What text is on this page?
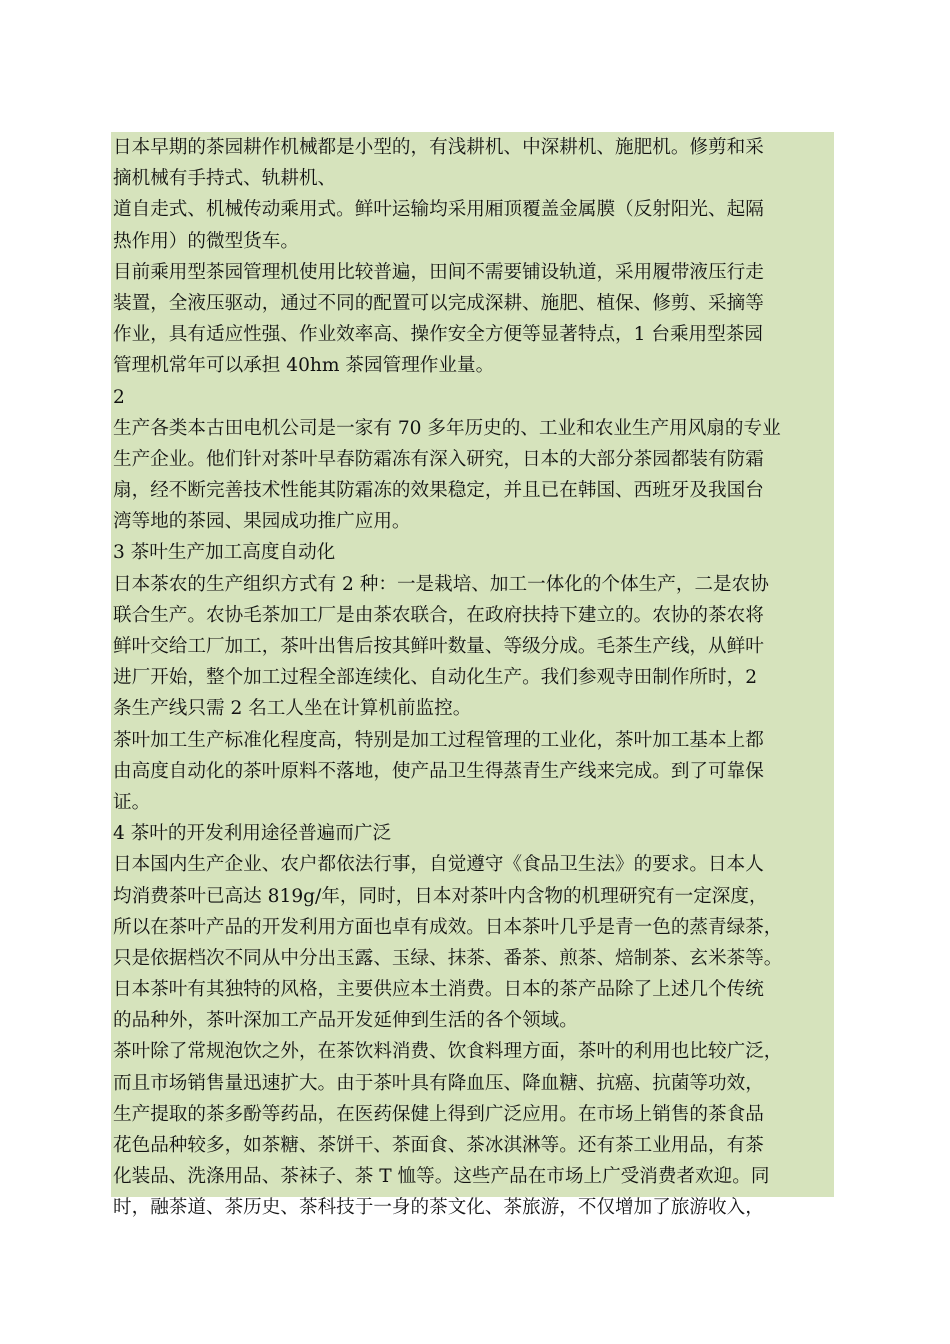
日本早期的茶园耕作机械都是小型的，有浅耕机、中深耕机、施肥机。修剪和采
摘机械有手持式、轨耕机、
道自走式、机械传动乘用式。鲜叶运输均采用厢顶覆盖金属膜（反射阳光、起隔
热作用）的微型货车。
目前乘用型茶园管理机使用比较普遍，田间不需要铺设轨道，采用履带液压行走
装置，全液压驱动，通过不同的配置可以完成深耕、施肥、植保、修剪、采摘等
作业，具有适应性强、作业效率高、操作安全方便等显著特点，1 台乘用型茶园
管理机常年可以承担 40hm 茶园管理作业量。
2
生产各类本古田电机公司是一家有 70 多年历史的、工业和农业生产用风扇的专业
生产企业。他们针对茶叶早春防霜冻有深入研究，日本的大部分茶园都装有防霜
扇，经不断完善技术性能其防霜冻的效果稳定，并且已在韩国、西班牙及我国台
湾等地的茶园、果园成功推广应用。
3 茶叶生产加工高度自动化
日本茶农的生产组织方式有 2 种：一是栽培、加工一体化的个体生产，二是农协
联合生产。农协毛茶加工厂是由茶农联合，在政府扶持下建立的。农协的茶农将
鲜叶交给工厂加工，茶叶出售后按其鲜叶数量、等级分成。毛茶生产线，从鲜叶
进厂开始，整个加工过程全部连续化、自动化生产。我们参观寺田制作所时，2
条生产线只需 2 名工人坐在计算机前监控。
茶叶加工生产标准化程度高，特别是加工过程管理的工业化，茶叶加工基本上都
由高度自动化的茶叶原料不落地，使产品卫生得蒸青生产线来完成。到了可靠保
证。
4 茶叶的开发利用途径普遍而广泛
日本国内生产企业、农户都依法行事，自觉遵守《食品卫生法》的要求。日本人
均消费茶叶已高达 819g/年，同时，日本对茶叶内含物的机理研究有一定深度，
所以在茶叶产品的开发利用方面也卓有成效。日本茶叶几乎是青一色的蒸青绿茶，
只是依据档次不同从中分出玉露、玉绿、抹茶、番茶、煎茶、焙制茶、玄米茶等。
日本茶叶有其独特的风格，主要供应本土消费。日本的茶产品除了上述几个传统
的品种外，茶叶深加工产品开发延伸到生活的各个领域。
茶叶除了常规泡饮之外，在茶饮料消费、饮食料理方面，茶叶的利用也比较广泛，
而且市场销售量迅速扩大。由于茶叶具有降血压、降血糖、抗癌、抗菌等功效，
生产提取的茶多酚等药品，在医药保健上得到广泛应用。在市场上销售的茶食品
花色品种较多，如茶糖、茶饼干、茶面食、茶冰淇淋等。还有茶工业用品，有茶
化装品、洗涤用品、茶袜子、茶 T 恤等。这些产品在市场上广受消费者欢迎。同
时，融茶道、茶历史、茶科技于一身的茶文化、茶旅游，不仅增加了旅游收入，
